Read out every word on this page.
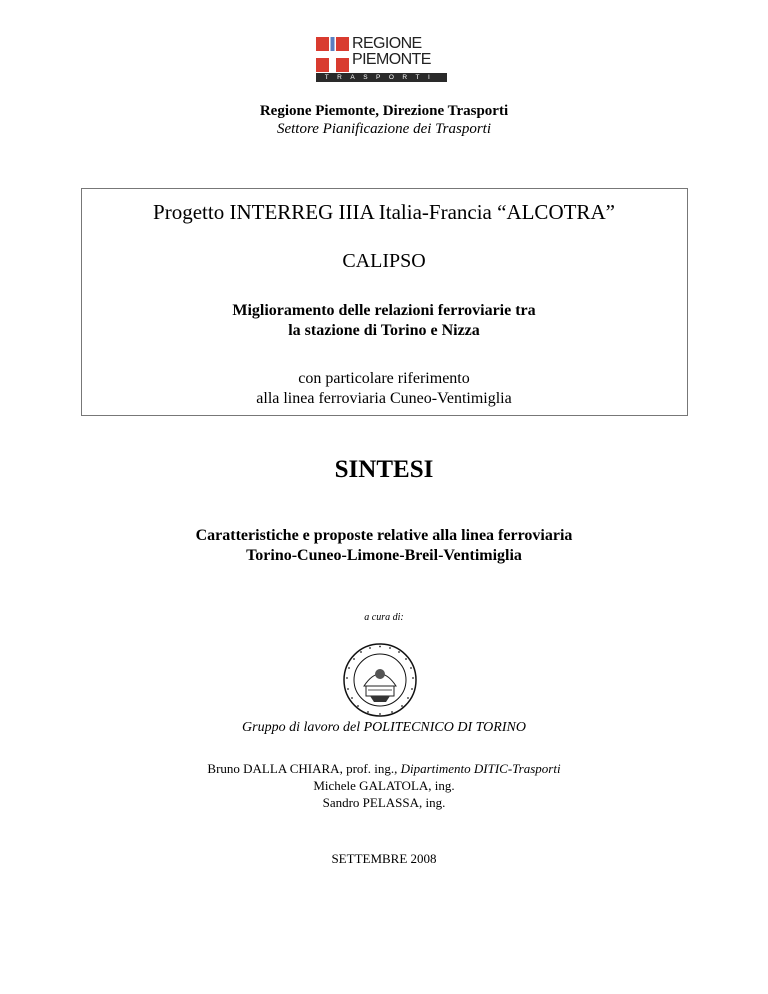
REGIONE
PIEMONTE
TRASPORTI
Regione Piemonte, Direzione Trasporti
Settore Pianificazione dei Trasporti
Progetto INTERREG IIIA Italia-Francia “ALCOTRA”
CALIPSO
Miglioramento delle relazioni ferroviarie tra
la stazione di Torino e Nizza
con particolare riferimento
alla linea ferroviaria Cuneo-Ventimiglia
SINTESI
Caratteristiche e proposte relative alla linea ferroviaria
Torino-Cuneo-Limone-Breil-Ventimiglia
a cura di:
Gruppo di lavoro del POLITECNICO DI TORINO
Bruno DALLA CHIARA, prof. ing., Dipartimento DITIC-Trasporti
Michele GALATOLA, ing.
Sandro PELASSA, ing.
SETTEMBRE 2008
